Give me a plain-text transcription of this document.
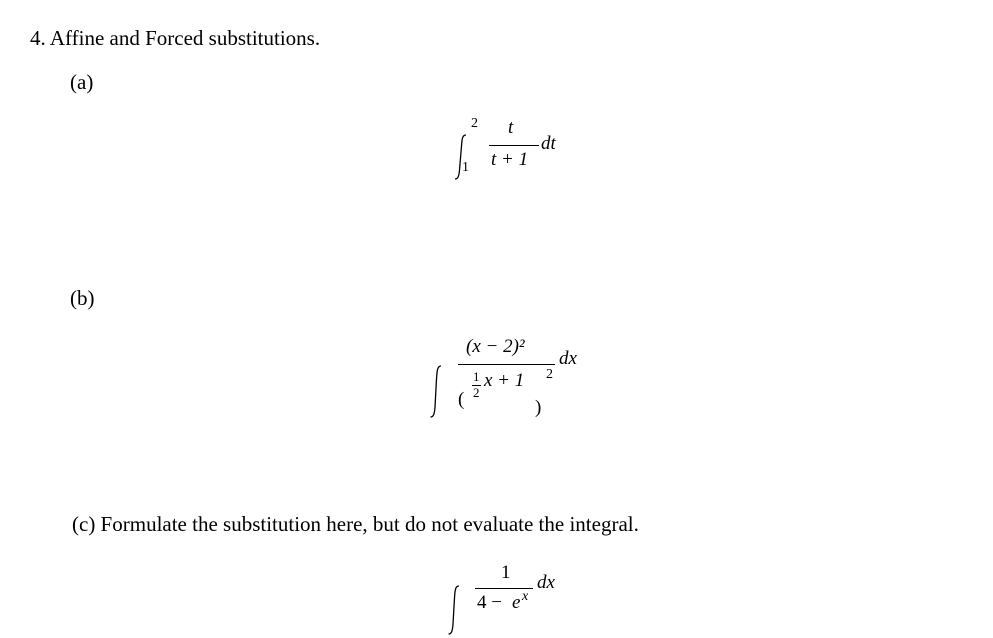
4. Affine and Forced substitutions.
(a)
2
1
t
t + 1
dt
(b)
(x − 2)²
(
1
2
x + 1 2
)
dx
(c) Formulate the substitution here, but do not evaluate the integral.
1
4 − e x
dx
